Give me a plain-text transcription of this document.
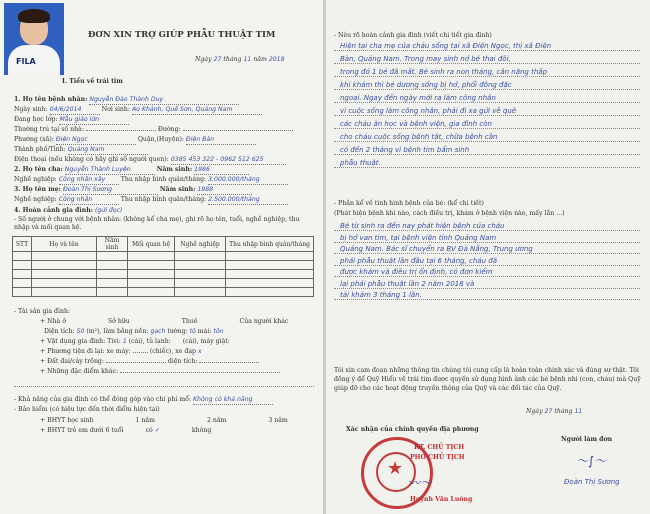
FILA
ĐƠN XIN TRỢ GIÚP PHẪU THUẬT TIM
Ngày 27 tháng 11 năm 2018
I. Tiểu về trái tim
1. Họ tên bệnh nhân: Nguyễn Đào Thành Duy
Ngày sinh: 04/6/2014	Nơi sinh: Ao Khánh, Quế Sơn, Quảng Nam
Đang học lớp: Mẫu giáo lớn
Thường trú tại số nhà:	Đường:
Phường (xã): Điện Ngọc	Quận,(Huyện): Điện Bàn
Thành phố/Tỉnh: Quảng Nam
Điện thoại (nếu không có hãy ghi số người quen): 0385 453 322 - 0962 512 625
2. Họ tên cha: Nguyễn Thành Luyện	Năm sinh: 1986
Nghề nghiệp: Công nhân xây Thu nhập bình quân/tháng: 3.000.000/tháng
3. Họ tên mẹ: Đoàn Thị Sương	Năm sinh: 1988
Nghề nghiệp: Công nhân	Thu nhập bình quân/tháng: 2.500.000/tháng
4. Hoàn cảnh gia đình: (gửi đọc)
- Số người ở chung với bệnh nhân: (không kể cha mẹ), ghi rõ họ tên, tuổi, nghề nghiệp, thu nhập và mối quan hệ.
STT	Họ và tên	Năm sinh	Mối quan hệ	Nghề nghiệp	Thu nhập bình quân/tháng

- Tài sản gia đình:
+ Nhà ở	Sở hữu	Thuê	Của người khác
Diện tích: 50 (m²), làm bằng nền: gạch tường: tô mái: tôn
+ Vật dụng gia đình: Tivi: 1 (cái), tủ lạnh: (cái), máy giặt:
+ Phương tiện đi lại: xe máy:	(chiếc), xe đạp x
+ Đất đai/cây trồng:	diện tích:
+ Những đặc điểm khác:
- Khả năng của gia đình có thể đóng góp vào chi phí mổ: Không có khả năng
- Bảo hiểm (có hiệu lực đến thời điểm hiện tại)
+ BHYT học sinh	1 năm	2 năm	3 năm
+ BHYT trẻ em dưới 6 tuổi	có ✓	không
- Nêu rõ hoàn cảnh gia đình (viết chi tiết gia đình)
Hiện tại cha mẹ của cháu sống tại xã Điện Ngọc, thị xã Điện
Bàn, Quảng Nam. Trong may sinh nở bé thai đôi,
trong đó 1 bé đã mất. Bé sinh ra non tháng, cân nặng thấp
khi khám thì bé dương sống bị hở, phổi đông đặc
ngoại. Ngay đến ngày mới ra làm công nhân
vì cuộc sống làm công nhân, phải đi xa gửi về quê
các cháu ăn học và bệnh viện, gia đình còn
cho cháu cuộc sống bệnh tật, chữa bệnh cần
có đến 2 tháng vì bệnh tim bẩm sinh
phẫu thuật.
- Phần kể về tình hình bệnh của bé: (kể chi tiết)
(Phát hiện bệnh khi nào, cách điều trị, khám ở bệnh viện nào, mấy lần ...)
Bé từ sinh ra đến nay phát hiện bệnh của cháu
bị hở van tim, tại bệnh viện tỉnh Quảng Nam
Quảng Nam. Bác sĩ chuyển ra BV Đà Nẵng, Trung ương
phải phẫu thuật lần đầu tại 6 tháng, cháu đã
được khám và điều trị ổn định, có đơn kiểm
lại phải phẫu thuật lần 2 năm 2018 và
tái khám 3 tháng 1 lần.
Tôi xin cam đoan những thông tin chúng tôi cung cấp là hoàn toàn chính xác và đúng sự thật. Tôi đồng ý để Quỹ Hiểu về trái tim được quyền sử dụng hình ảnh các bé bệnh nhi (con, cháu) mà Quỹ giúp đỡ cho các hoạt động truyền thông của Quỹ và các đối tác của Quỹ.
Ngày 27 tháng 11
Xác nhận của chính quyền địa phương
Người làm đơn
★
KT. CHỦ TỊCH
PHÓ CHỦ TỊCH
〰〜
Huỳnh Văn Luông
〜∫〜
Đoàn Thị Sương
